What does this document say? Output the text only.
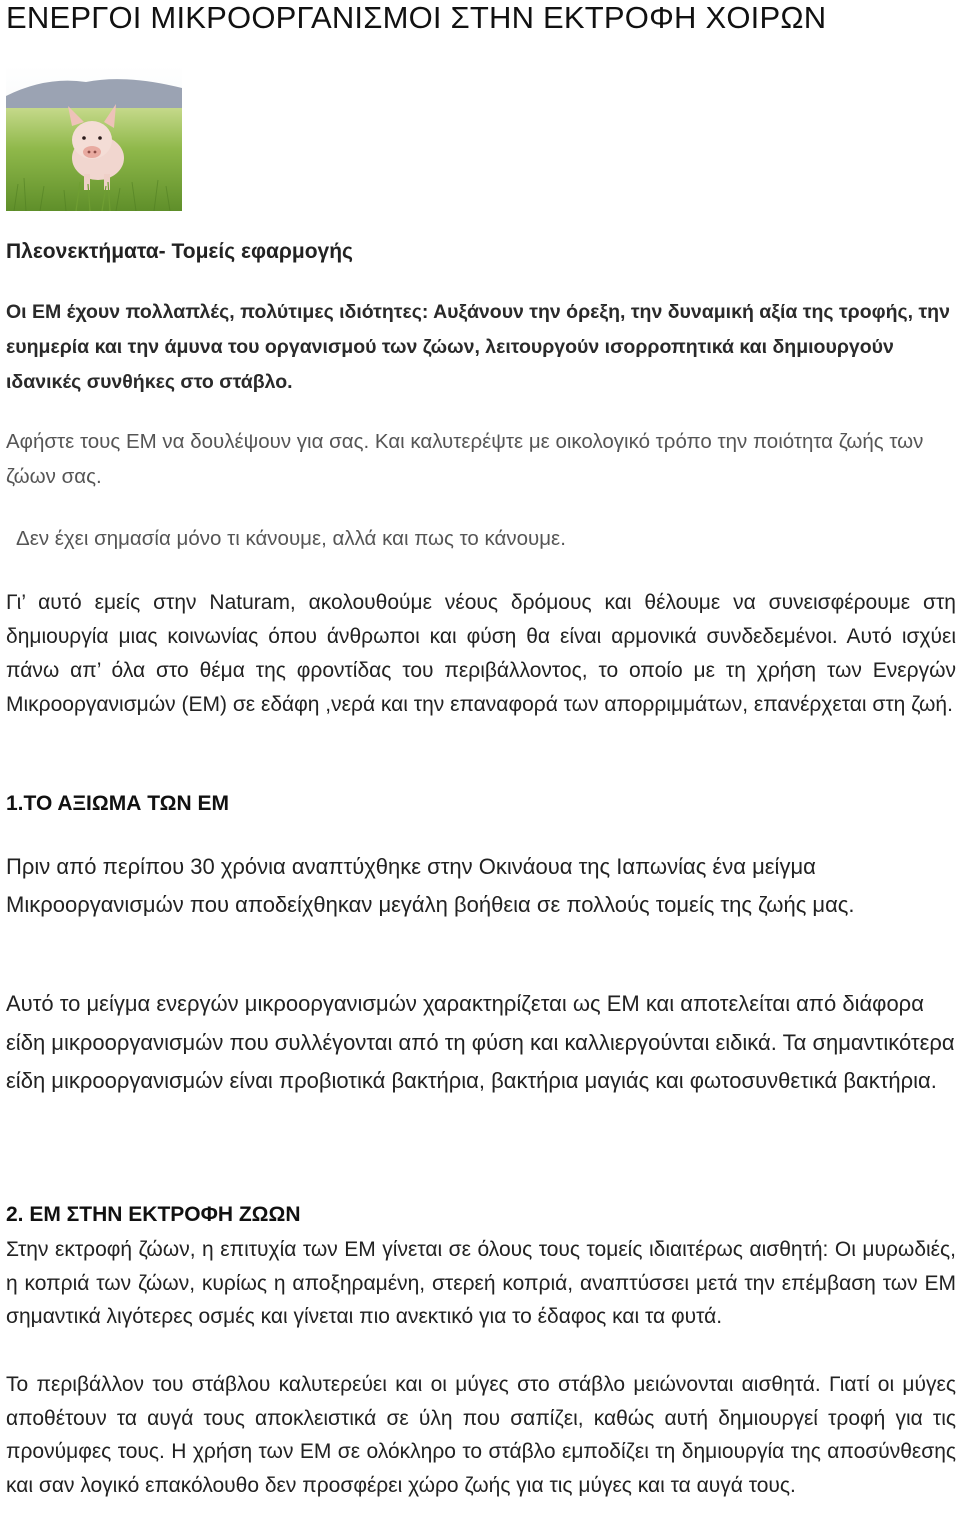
ΕΝΕΡΓΟΙ ΜΙΚΡΟΟΡΓΑΝΙΣΜΟΙ ΣΤΗΝ ΕΚΤΡΟΦΗ ΧΟΙΡΩΝ

Πλεονεκτήματα- Τομείς εφαρμογής

Οι ΕΜ έχουν πολλαπλές, πολύτιμες ιδιότητες: Αυξάνουν την όρεξη, την δυναμική αξία της τροφής, την ευημερία και την άμυνα του οργανισμού των ζώων, λειτουργούν ισορροπητικά και δημιουργούν ιδανικές συνθήκες στο στάβλο.

Αφήστε τους ΕΜ να δουλέψουν για σας. Και καλυτερέψτε με οικολογικό τρόπο την ποιότητα ζωής των ζώων σας.

Δεν έχει σημασία μόνο τι κάνουμε, αλλά και πως το κάνουμε.

Γι’ αυτό εμείς στην Naturam, ακολουθούμε νέους δρόμους και θέλουμε να συνεισφέρουμε στη δημιουργία μιας κοινωνίας όπου άνθρωποι και φύση θα είναι αρμονικά συνδεδεμένοι. Αυτό ισχύει πάνω απ’ όλα στο θέμα της φροντίδας του περιβάλλοντος, το οποίο με τη χρήση των Ενεργών Μικροοργανισμών (ΕΜ) σε εδάφη ,νερά και την επαναφορά των απορριμμάτων, επανέρχεται στη ζωή.

1.ΤΟ ΑΞΙΩΜΑ ΤΩΝ ΕΜ

Πριν από περίπου 30 χρόνια αναπτύχθηκε στην Οκινάουα της Ιαπωνίας ένα μείγμα Μικροοργανισμών που αποδείχθηκαν μεγάλη βοήθεια σε πολλούς τομείς της ζωής μας.

Αυτό το μείγμα ενεργών μικροοργανισμών χαρακτηρίζεται ως ΕΜ και αποτελείται από διάφορα είδη μικροοργανισμών που συλλέγονται από τη φύση και καλλιεργούνται ειδικά. Τα σημαντικότερα είδη μικροοργανισμών είναι προβιοτικά βακτήρια, βακτήρια μαγιάς και φωτοσυνθετικά βακτήρια.

2. ΕΜ ΣΤΗΝ ΕΚΤΡΟΦΗ ΖΩΩΝ

Στην εκτροφή ζώων, η επιτυχία των ΕΜ γίνεται σε όλους τους τομείς ιδιαιτέρως αισθητή: Οι μυρωδιές, η κοπριά των ζώων, κυρίως η αποξηραμένη, στερεή κοπριά, αναπτύσσει μετά την επέμβαση των ΕΜ σημαντικά λιγότερες οσμές και γίνεται πιο ανεκτικό για το έδαφος και τα φυτά.

Το περιβάλλον του στάβλου καλυτερεύει και οι μύγες στο στάβλο μειώνονται αισθητά. Γιατί οι μύγες αποθέτουν τα αυγά τους αποκλειστικά σε ύλη που σαπίζει, καθώς αυτή δημιουργεί τροφή για τις προνύμφες τους. Η χρήση των ΕΜ σε ολόκληρο το στάβλο εμποδίζει τη δημιουργία της αποσύνθεσης και σαν λογικό επακόλουθο δεν προσφέρει χώρο ζωής για τις μύγες και τα αυγά τους.
